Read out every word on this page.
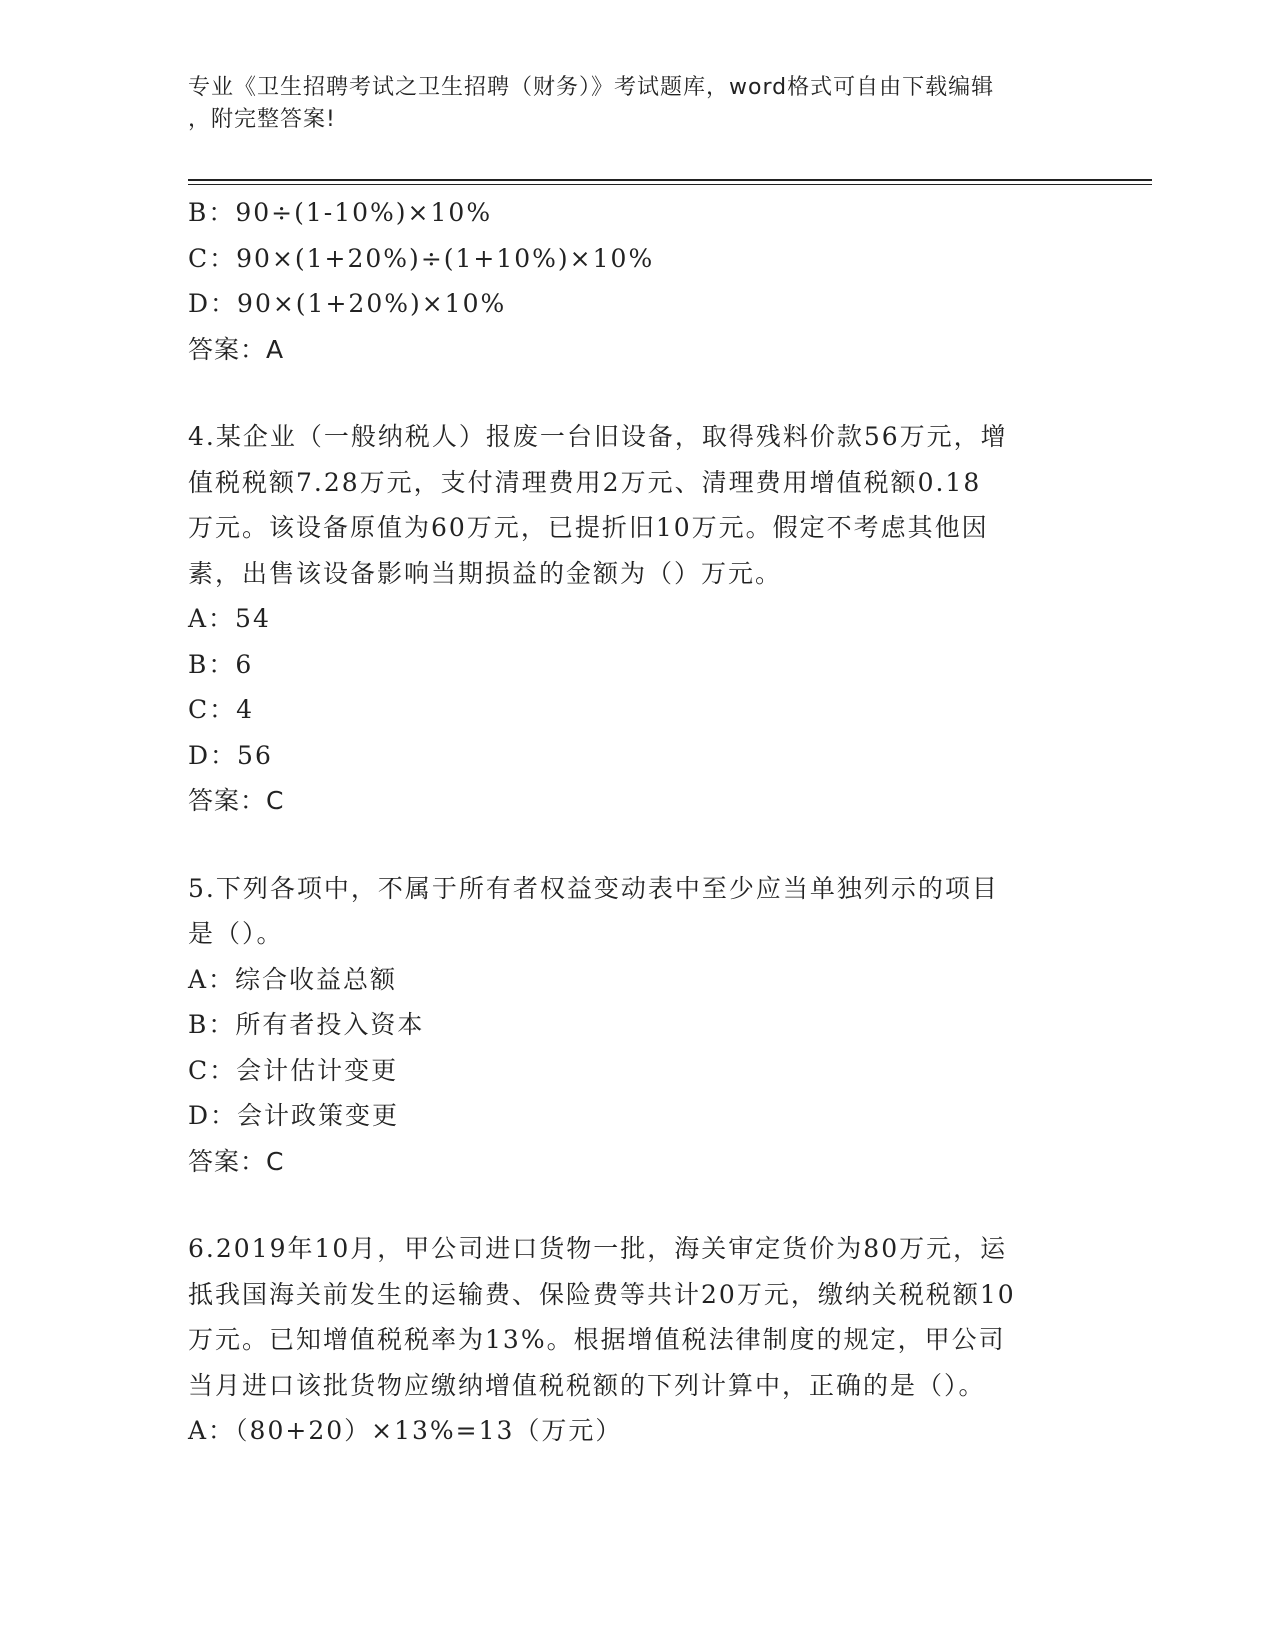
专业《卫生招聘考试之卫生招聘（财务）》考试题库，word格式可自由下载编辑
，附完整答案!
B：90÷(1-10%)×10%
C：90×(1+20%)÷(1+10%)×10%
D：90×(1+20%)×10%
答案：A
4.某企业（一般纳税人）报废一台旧设备，取得残料价款56万元，增
值税税额7.28万元，支付清理费用2万元、清理费用增值税额0.18
万元。该设备原值为60万元，已提折旧10万元。假定不考虑其他因
素，出售该设备影响当期损益的金额为（）万元。
A：54
B：6
C：4
D：56
答案：C
5.下列各项中，不属于所有者权益变动表中至少应当单独列示的项目
是（）。
A：综合收益总额
B：所有者投入资本
C：会计估计变更
D：会计政策变更
答案：C
6.2019年10月，甲公司进口货物一批，海关审定货价为80万元，运
抵我国海关前发生的运输费、保险费等共计20万元，缴纳关税税额10
万元。已知增值税税率为13%。根据增值税法律制度的规定，甲公司
当月进口该批货物应缴纳增值税税额的下列计算中，正确的是（）。
A：（80+20）×13%=13（万元）
